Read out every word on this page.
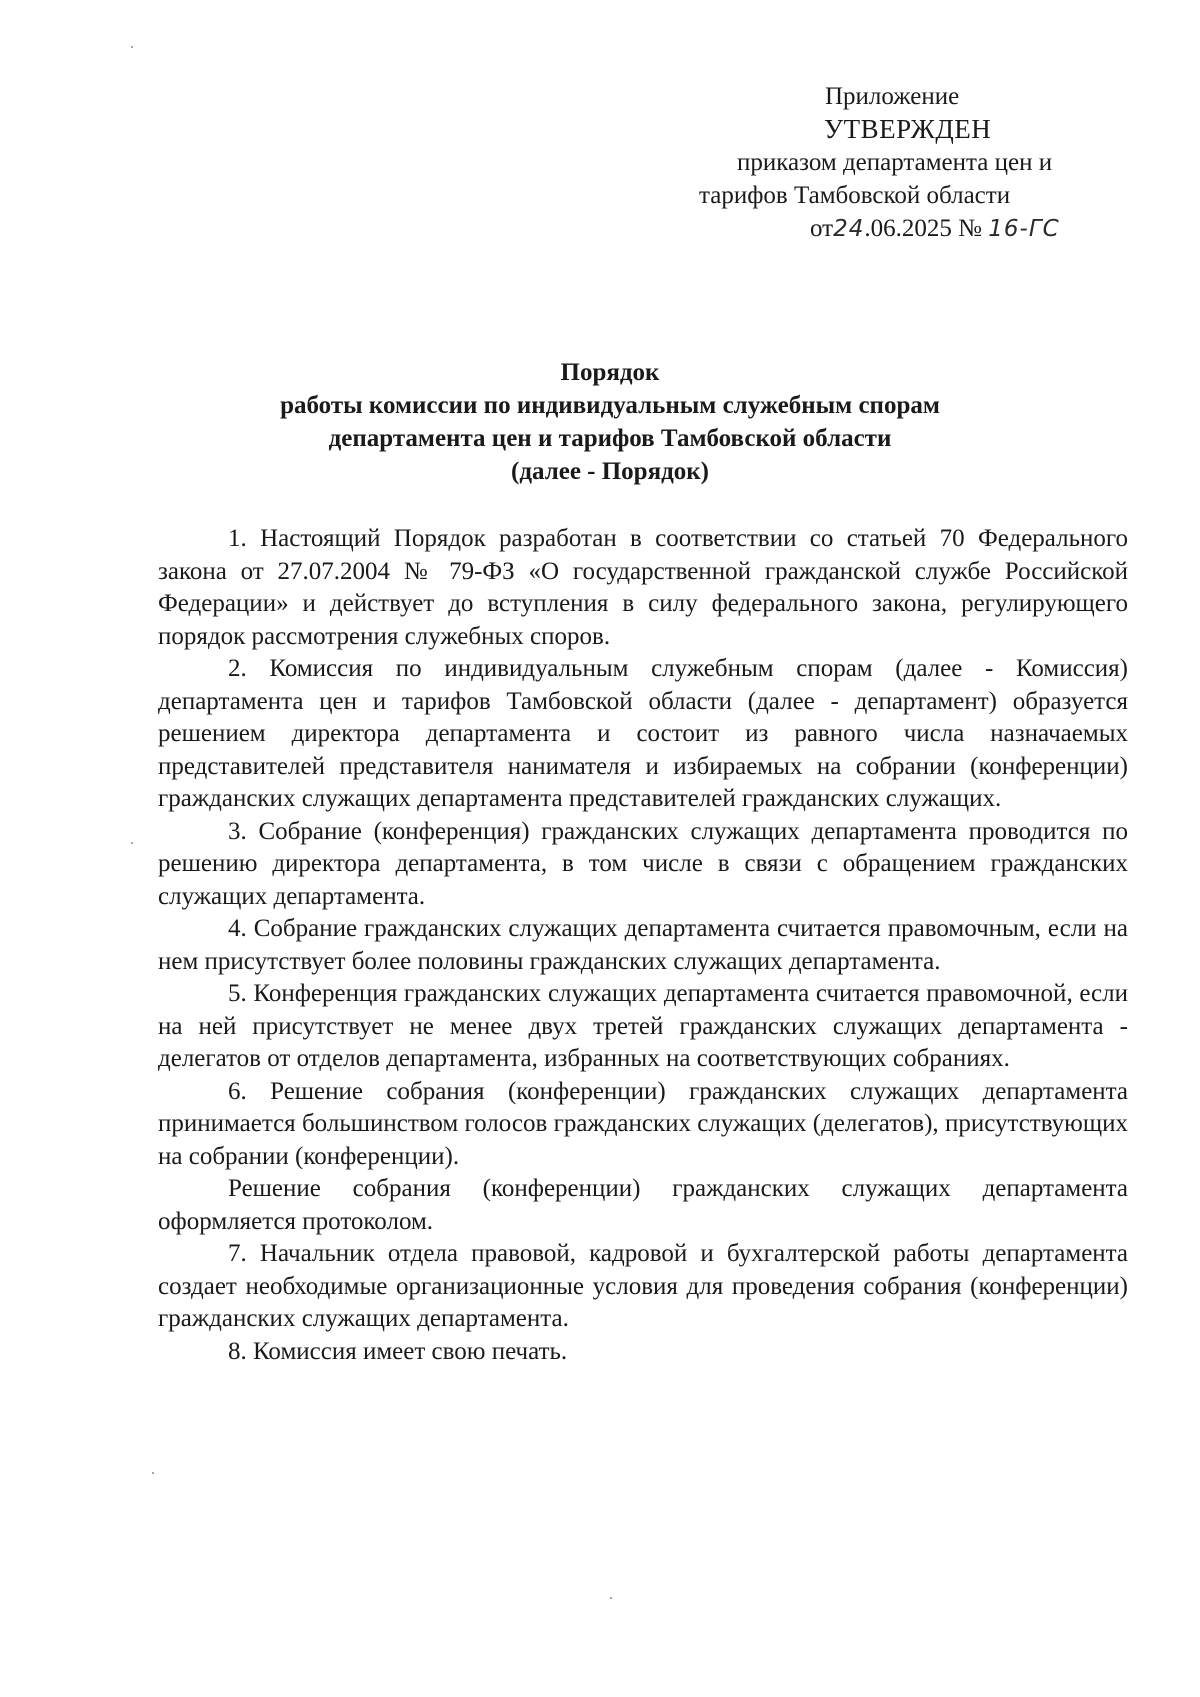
Приложение
УТВЕРЖДЕН
приказом департамента цен и
тарифов Тамбовской области
от24.06.2025 № 16-ГС
Порядок
работы комиссии по индивидуальным служебным спорам
департамента цен и тарифов Тамбовской области
(далее - Порядок)

1. Настоящий Порядок разработан в соответствии со статьей 70 Федерального закона от 27.07.2004 № 79-ФЗ «О государственной гражданской службе Российской Федерации» и действует до вступления в силу федерального закона, регулирующего порядок рассмотрения служебных споров.

2. Комиссия по индивидуальным служебным спорам (далее - Комиссия) департамента цен и тарифов Тамбовской области (далее - департамент) образуется решением директора департамента и состоит из равного числа назначаемых представителей представителя нанимателя и избираемых на собрании (конференции) гражданских служащих департамента представителей гражданских служащих.

3. Собрание (конференция) гражданских служащих департамента проводится по решению директора департамента, в том числе в связи с обращением гражданских служащих департамента.

4. Собрание гражданских служащих департамента считается правомочным, если на нем присутствует более половины гражданских служащих департамента.

5. Конференция гражданских служащих департамента считается правомочной, если на ней присутствует не менее двух третей гражданских служащих департамента - делегатов от отделов департамента, избранных на соответствующих собраниях.

6. Решение собрания (конференции) гражданских служащих департамента принимается большинством голосов гражданских служащих (делегатов), присутствующих на собрании (конференции).

Решение собрания (конференции) гражданских служащих департамента оформляется протоколом.

7. Начальник отдела правовой, кадровой и бухгалтерской работы департамента создает необходимые организационные условия для проведения собрания (конференции) гражданских служащих департамента.

8. Комиссия имеет свою печать.
